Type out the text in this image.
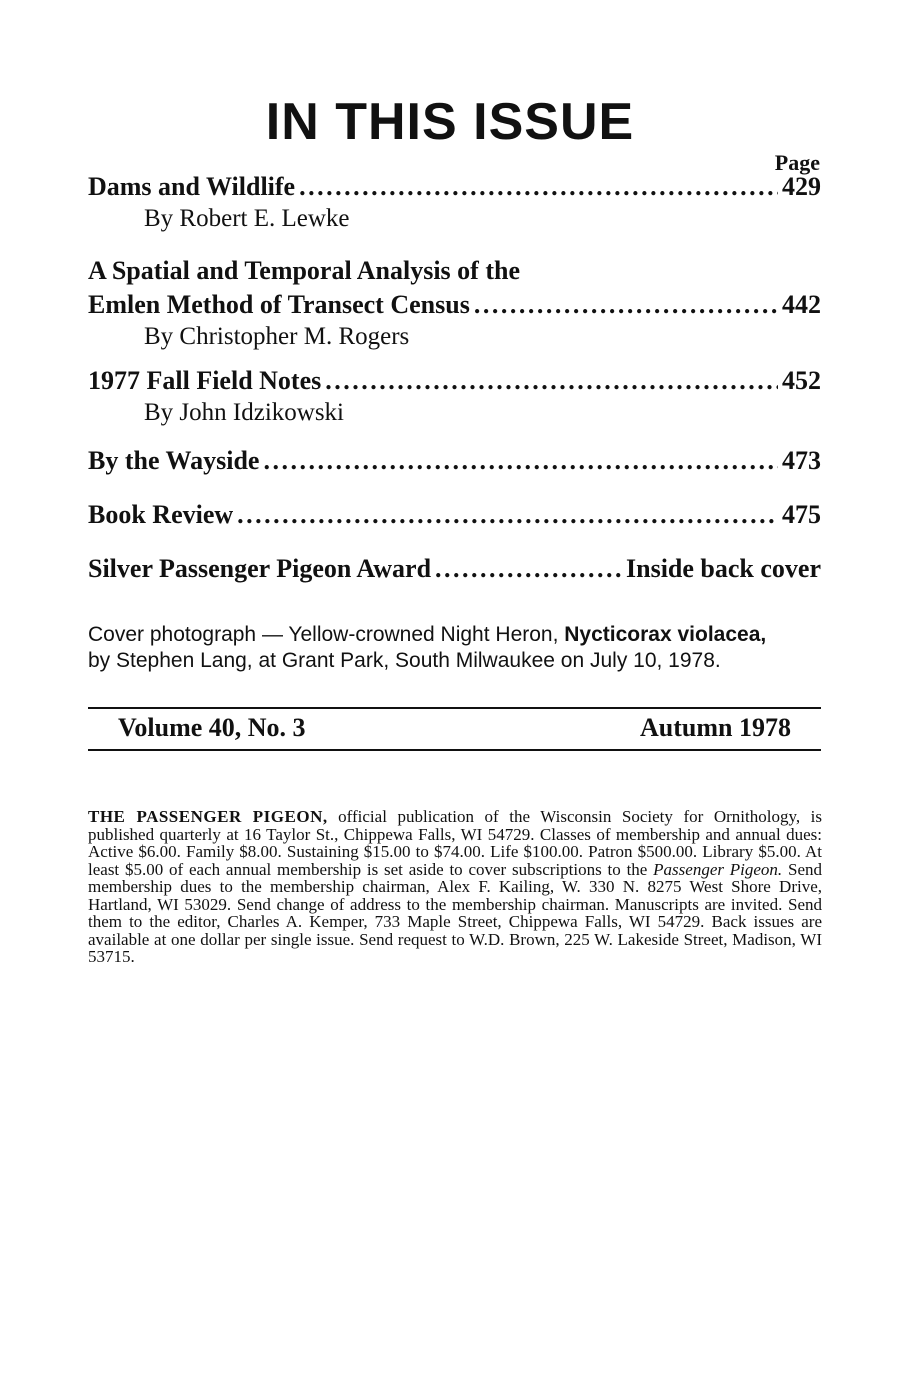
IN THIS ISSUE
Page
Dams and Wildlife . . .	429
By Robert E. Lewke
A Spatial and Temporal Analysis of the
Emlen Method of Transect Census . . .	442
By Christopher M. Rogers
1977 Fall Field Notes . . .	452
By John Idzikowski
By the Wayside . . .	473
Book Review . . .	475
Silver Passenger Pigeon Award . . .	Inside back cover
Cover photograph — Yellow-crowned Night Heron, Nycticorax violacea,
by Stephen Lang, at Grant Park, South Milwaukee on July 10, 1978.
Volume 40, No. 3	Autumn 1978
THE PASSENGER PIGEON, official publication of the Wisconsin Society for Ornithology, is published quarterly at 16 Taylor St., Chippewa Falls, WI 54729. Classes of membership and annual dues: Active $6.00. Family $8.00. Sustaining $15.00 to $74.00. Life $100.00. Patron $500.00. Library $5.00. At least $5.00 of each annual membership is set aside to cover subscriptions to the Passenger Pigeon. Send membership dues to the membership chairman, Alex F. Kailing, W. 330 N. 8275 West Shore Drive, Hartland, WI 53029. Send change of address to the membership chairman. Manuscripts are invited. Send them to the editor, Charles A. Kemper, 733 Maple Street, Chippewa Falls, WI 54729. Back issues are available at one dollar per single issue. Send request to W.D. Brown, 225 W. Lakeside Street, Madison, WI 53715.
